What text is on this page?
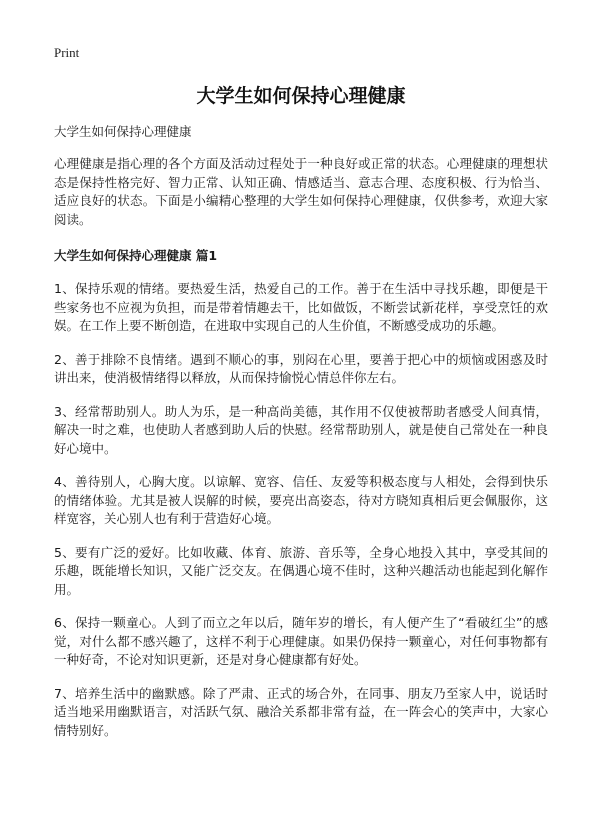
Print
大学生如何保持心理健康

大学生如何保持心理健康

心理健康是指心理的各个方面及活动过程处于一种良好或正常的状态。心理健康的理想状态是保持性格完好、智力正常、认知正确、情感适当、意志合理、态度积极、行为恰当、适应良好的状态。下面是小编精心整理的大学生如何保持心理健康，仅供参考，欢迎大家阅读。

大学生如何保持心理健康 篇1

1、保持乐观的情绪。要热爱生活，热爱自己的工作。善于在生活中寻找乐趣，即便是干些家务也不应视为负担，而是带着情趣去干，比如做饭，不断尝试新花样，享受烹饪的欢娱。在工作上要不断创造，在进取中实现自己的人生价值，不断感受成功的乐趣。

2、善于排除不良情绪。遇到不顺心的事，别闷在心里，要善于把心中的烦恼或困惑及时讲出来，使消极情绪得以释放，从而保持愉悦心情总伴你左右。

3、经常帮助别人。助人为乐，是一种高尚美德，其作用不仅使被帮助者感受人间真情，解决一时之难，也使助人者感到助人后的快慰。经常帮助别人，就是使自己常处在一种良好心境中。

4、善待别人，心胸大度。以谅解、宽容、信任、友爱等积极态度与人相处，会得到快乐的情绪体验。尤其是被人误解的时候，要亮出高姿态，待对方晓知真相后更会佩服你，这样宽容，关心别人也有利于营造好心境。

5、要有广泛的爱好。比如收藏、体育、旅游、音乐等，全身心地投入其中，享受其间的乐趣，既能增长知识，又能广泛交友。在偶遇心境不佳时，这种兴趣活动也能起到化解作用。

6、保持一颗童心。人到了而立之年以后，随年岁的增长，有人便产生了“看破红尘”的感觉，对什么都不感兴趣了，这样不利于心理健康。如果仍保持一颗童心，对任何事物都有一种好奇，不论对知识更新，还是对身心健康都有好处。

7、培养生活中的幽默感。除了严肃、正式的场合外，在同事、朋友乃至家人中，说话时适当地采用幽默语言，对活跃气氛、融洽关系都非常有益，在一阵会心的笑声中，大家心情特别好。
